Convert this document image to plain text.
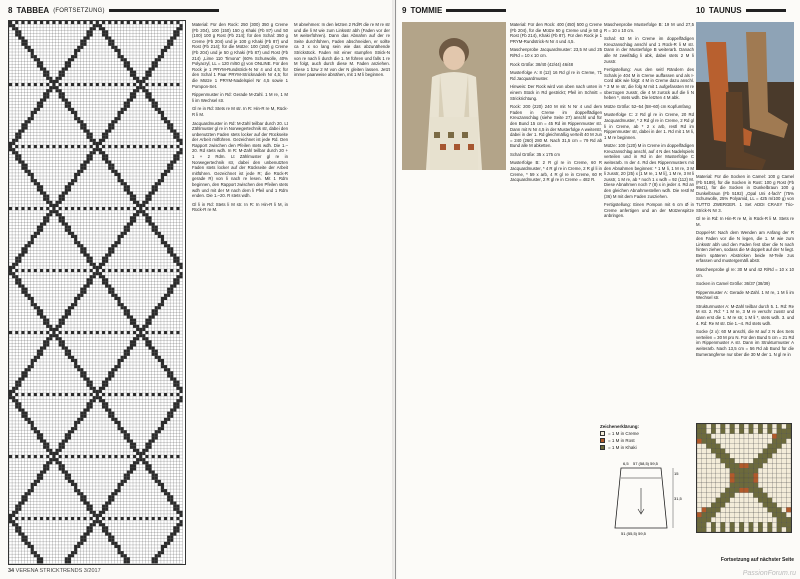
8 TABBEA (FORTSETZUNG)

Material: Für den Rock: 250 (300) 350 g Creme (Fb 204), 100 (150) 150 g Khaki (Fb 87) und 50 (100) 100 g Rost (Fb 214); für den Schal: 350 g Creme (Fb 204) und je 100 g Khaki (Fb 87) und Rost (Fb 214); für die Mütze: 100 (150) g Creme (Fb 204) und je 50 g Khaki (Fb 87) und Rost (Fb 214) „Lime 110 Timona“ (60% Schurwolle, 40% Polyacryl, LL = 120 m/50 g) von ONLINE. Für den Rock je 1 PRYM-Rundstrick-N Nr 4 und 4,5; für den Schal 1 Paar PRYM-Stricknadeln Nr 4,5; für die Mütze 1 PRYM-Nadelspiel Nr 4,5 sowie 1 Pompon-Set.

Rippenmuster in Rd: Gerade M-Zahl. 1 M re, 1 M li im Wechsel str.

Gl re in Rd: Stets re M str. In R: Hin-R re M, Rück-R li M.

Jacquardmuster in Rd: M-Zahl teilbar durch 20. Lt Zählmuster gl re in Norwegertechnik str, dabei den unbenutzten Faden stets locker auf der Rückseite der Arbeit mitführen. Gezeichnet ist jede Rd. Den Rapport zwischen den Pfeilen stets wdh. Die 1.–20. Rd stets wdh. In R: M-Zahl teilbar durch 20 + 1 + 2 Rdm. Lt Zählmuster gl re in Norwegertechnik str, dabei den unbenutzten Faden stets locker auf der Rückseite der Arbeit mitführen. Gezeichnet ist jede R; die Rück-R gerade R) von li nach re lesen. Mit 1 Rdm beginnen, den Rapport zwischen den Pfeilen stets wdh und mit der M nach dem li Pfeil und 1 Rdm enden. Die 1.–20. R stets wdh.

Gl li in Rd: Stets li M str. In R: In Hin-R li M, in Rück-R re M.

M abnehmen: In den letzten 2 Rd/R die re M re str und die li M wie zum Linksstr abh (Faden vor der M weiterführen). Dann das Abnahm auf der re Seite durchführen, Faden abschneiden, er sollte ca 3 x so lang sein wie das abzunähende Strickstück. Faden mit einer stumpfen Strick-N von re nach li durch die 1. M führen und falls 1 re M folgt, auch durch diese M. Faden anziehen. Diese 1 bzw 2 M von der N gleiten lassen. Jetzt immer paarweise abnähen, mit 1 M li beginnen.

34 VERENA STRICKTRENDS 3/2017
9 TOMMIE	10 TAUNUS

Material: Für den Rock: 400 (450) 500 g Creme (Fb 204), für die Mütze 50 g Creme und je 50 g Rost (Fb 214), Khaki (Fb 87). Für den Rock je 1 PRYM-Rundstrick-N Nr 4 und 4,5.

Maschenprobe Jacquardmuster: 23,5 M und 25 R/Rd = 10 x 10 cm.

Rock Größe: 38/40 (42/44) 46/48

Musterfolge A: 8 (12) 16 Rd gl re in Creme, 71 Rd Jacquardmuster.

Hinweis: Der Rock wird von oben nach unten in einem Stück in Rd gestrickt; Pfeil im Schnitt = Strickrichtung.

Rock: 200 (220) 240 M mit N Nr 4 und dem Faden in Creme im doppelfädigen Kreuzanschlag (siehe Seite 27) anschl und für den Bund 15 cm = 45 Rd im Rippenmuster str. Dann mit N Nr 4,5 in der Musterfolge A weiterstr, dabei in der 1. Rd gleichmäßig verteilt 40 M zun = 240 (260) 280 M. Nach 31,5 cm = 79 Rd ab Bund alle M abketten.

Schal Größe: 35 x 175 cm

Musterfolge B: 2 R gl re in Creme, 60 R Jacquardmuster, * 4 R gl re in Creme, 2 R gl li in Creme, * 59 x arb, 4 R gl re in Creme, 60 R Jacquardmuster, 2 R gl re in Creme = 482 R.

Maschenprobe Musterfolge B: 19 M und 27,5 R = 10 x 10 cm.

Schal: 63 M in Creme im doppelfädigen Kreuzanschlag anschl und 1 Rück-R li M str. Dann in der Musterfolge B weiterarb. Danach alle M zweifädig li abk, dabei stets 2 M li zusstr.

Fertigstellung: Aus den seitl Rändern des Schals je 404 M in Creme auffassen und als I-Cord abk wie folgt: 4 M in Creme dazu anschl. * 3 M re str, die folg M mit 1 aufgefassten M re überzogen zusstr, die 4 M zurück auf die li N heben *, stets wdh. Die letzten 4 M abk.

Mütze Größe: 52–54 (58–60) cm Kopfumfang

Musterfolge C: 2 Rd gl re in Creme, 20 Rd Jacquardmuster, * 2 Rd gl re in Creme, 2 Rd gl li in Creme, ab * 2 x arb, restl Rd im Rippenmuster str, dabei in der 1. Rd mit 1 M li, 1 M re beginnen.

Mütze: 100 (120) M in Creme im doppelfädigen Kreuzanschlag anschl, auf 4 N des Nadelspiels verteilen und in Rd in der Musterfolge C weiterarb. In der 4. Rd des Rippenmusters mit den Abnahmen beginnen: * 1 M li, 1 M re, 3 M li zusstr, 20 (25) x [1 M re, 1 M li], 1 M re, 3 M li zusstr, 1 M re, ab * noch 1 x wdh = 92 (112) M. Diese Abnahmen noch 7 (8) x in jeder 4. Rd an den gleichen Abnahmestellen wdh. Die restl M (36) M mit dem Faden zusziehen.

Fertigstellung: Einen Pompon mit 6 cm Ø in Creme anfertigen und an der Mützenspitze anbringen.

Zeichenerklärung:
= 1 M in Creme
= 1 M in Rost
= 1 M in Khaki
6,5 57 (58,5) 59,5
31,5
15
51 (55,5) 59,5

Material: Für die Socken in Camel: 100 g Camel (Fb 5189), für die Socken in Rost: 100 g Rost (Fb 9941), für die Socken in Dunkelbraun 100 g Dunkelbraun (Fb 5192) „Opal Uni 4-fach“ (75% Schurwolle, 25% Polyamid, LL = 425 m/100 g) von TUTTO ZWERGER. 1 Set ADDI CRASY Trio-Strick-N Nr 3.

Gl re in Rd: In Hin-R re M, in Rück-R li M. Stets re M.

Doppel-M: Nach dem Wenden am Anfang der R den Faden vor die N legen, die 1. M wie zum Linksstr abh und den Faden fest über die N nach hinten ziehen, sodass die M doppelt auf der N liegt. Beim späteren Abstricken beide M-Teile zus erfassen und mustergemäß abstr.

Maschenprobe gl re: 30 M und 42 R/Rd = 10 x 10 cm.

Socken in Camel Größe: 36/37 (38/39)

Rippenmuster A: Gerade M-Zahl. 1 M re, 1 M li im Wechsel str.

Strukturmuster A: M-Zahl teilbar durch 5. 1. Rd: Re M str. 2. Rd: * 1 M re, 3 M re verschr zusstr und dann erst die 1. M re str, 1 M li *, stets wdh. 3. und 4. Rd: Re M str. Die 1.–4. Rd stets wdh.

Socke (2 x): 60 M anschl, die M auf 2 N des Sets verteilen = 30 M pro N. Für den Bund 5 cm = 21 Rd im Rippenmuster A str. Dann im Strukturmuster A weiterarb. Nach 13,5 cm = 56 Rd ab Bund für die Bumerangferse nur über die 30 M der 1. N gl re in

Fortsetzung auf nächster Seite
PassionForum.ru
